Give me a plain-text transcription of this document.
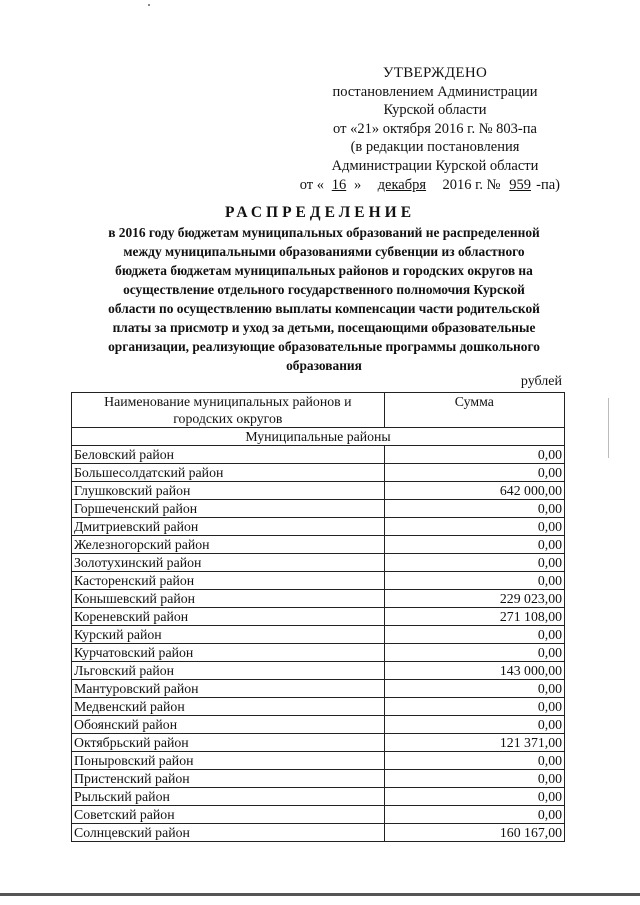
УТВЕРЖДЕНО
постановлением Администрации
Курской области
от «21» октября 2016 г. № 803-па
(в редакции постановления
Администрации Курской области
от « 16 » декабря 2016 г. № 959 -па)
РАСПРЕДЕЛЕНИЕ
в 2016 году бюджетам муниципальных образований не распределенной
между муниципальными образованиями субвенции из областного
бюджета бюджетам муниципальных районов и городских округов на
осуществление отдельного государственного полномочия Курской
области по осуществлению выплаты компенсации части родительской
платы за присмотр и уход за детьми, посещающими образовательные
организации, реализующие образовательные программы дошкольного
образования
рублей
Наименование муниципальных районов и
городских округов	Сумма
Муниципальные районы	
Беловский район	0,00
Большесолдатский район	0,00
Глушковский район	642 000,00
Горшеченский район	0,00
Дмитриевский район	0,00
Железногорский район	0,00
Золотухинский район	0,00
Касторенский район	0,00
Конышевский район	229 023,00
Кореневский район	271 108,00
Курский район	0,00
Курчатовский район	0,00
Льговский район	143 000,00
Мантуровский район	0,00
Медвенский район	0,00
Обоянский район	0,00
Октябрьский район	121 371,00
Поныровский район	0,00
Пристенский район	0,00
Рыльский район	0,00
Советский район	0,00
Солнцевский район	160 167,00
